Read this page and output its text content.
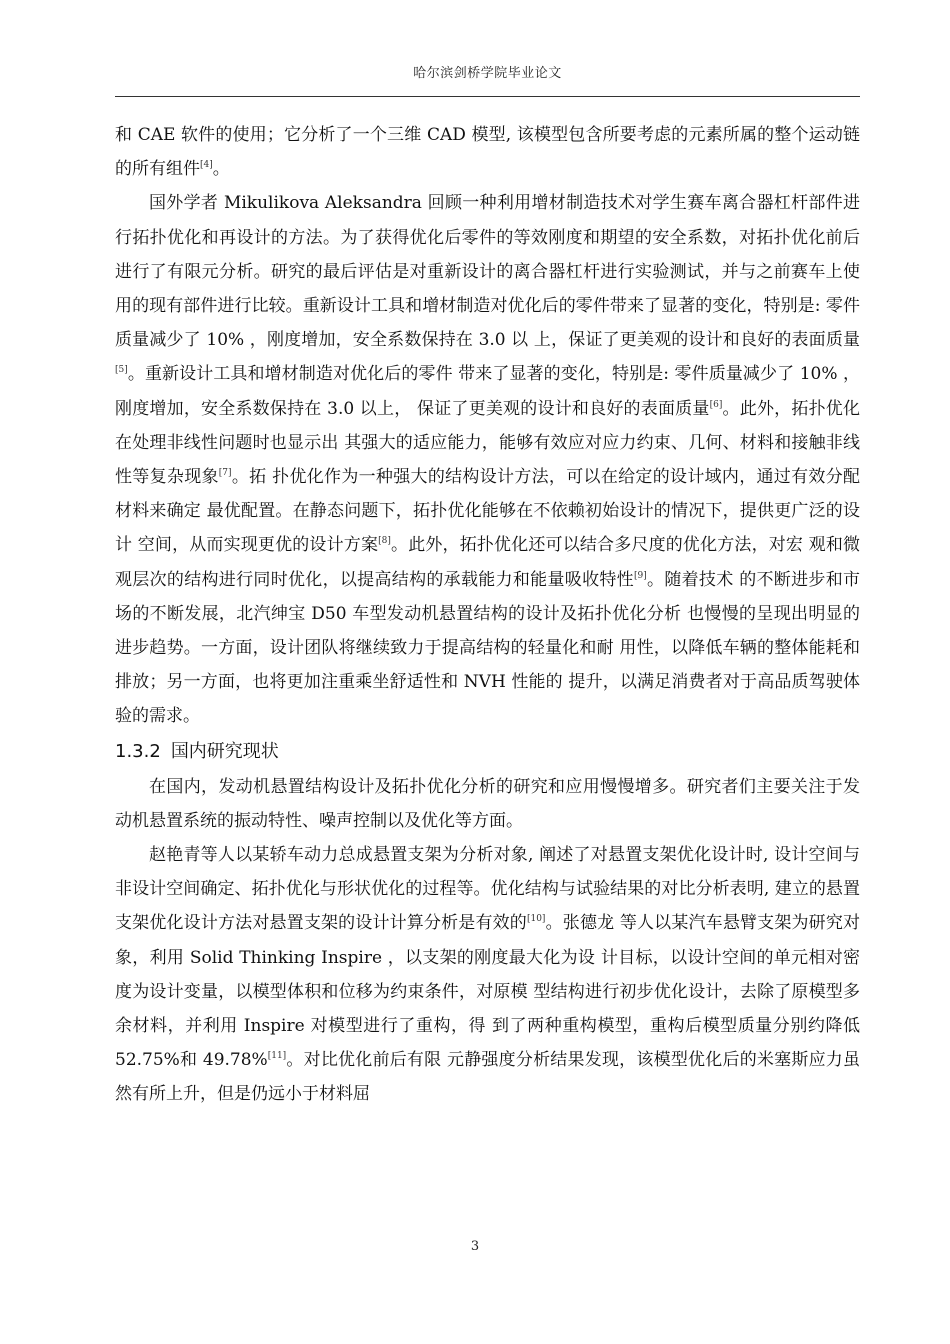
哈尔滨剑桥学院毕业论文

和 CAE 软件的使用；它分析了一个三维 CAD 模型, 该模型包含所要考虑的元素所属的整个运动链的所有组件[4]。

国外学者 Mikulikova Aleksandra 回顾一种利用增材制造技术对学生赛车离合器杠杆部件进行拓扑优化和再设计的方法。为了获得优化后零件的等效刚度和期望的安全系数，对拓扑优化前后进行了有限元分析。研究的最后评估是对重新设计的离合器杠杆进行实验测试，并与之前赛车上使用的现有部件进行比较。重新设计工具和增材制造对优化后的零件带来了显著的变化，特别是: 零件质量减少了 10% ，刚度增加，安全系数保持在 3.0 以 上，保证了更美观的设计和良好的表面质量[5]。重新设计工具和增材制造对优化后的零件 带来了显著的变化，特别是: 零件质量减少了 10% ，刚度增加，安全系数保持在 3.0 以上， 保证了更美观的设计和良好的表面质量[6]。此外，拓扑优化在处理非线性问题时也显示出 其强大的适应能力，能够有效应对应力约束、几何、材料和接触非线性等复杂现象[7]。拓 扑优化作为一种强大的结构设计方法，可以在给定的设计域内，通过有效分配材料来确定 最优配置。在静态问题下，拓扑优化能够在不依赖初始设计的情况下，提供更广泛的设计 空间，从而实现更优的设计方案[8]。此外，拓扑优化还可以结合多尺度的优化方法，对宏 观和微观层次的结构进行同时优化，以提高结构的承载能力和能量吸收特性[9]。随着技术 的不断进步和市场的不断发展，北汽绅宝 D50 车型发动机悬置结构的设计及拓扑优化分析 也慢慢的呈现出明显的进步趋势。一方面，设计团队将继续致力于提高结构的轻量化和耐 用性，以降低车辆的整体能耗和排放；另一方面，也将更加注重乘坐舒适性和 NVH 性能的 提升，以满足消费者对于高品质驾驶体验的需求。

1.3.2 国内研究现状

在国内，发动机悬置结构设计及拓扑优化分析的研究和应用慢慢增多。研究者们主要关注于发动机悬置系统的振动特性、噪声控制以及优化等方面。

赵艳青等人以某轿车动力总成悬置支架为分析对象, 阐述了对悬置支架优化设计时, 设计空间与非设计空间确定、拓扑优化与形状优化的过程等。优化结构与试验结果的对比分析表明, 建立的悬置支架优化设计方法对悬置支架的设计计算分析是有效的[10]。张德龙 等人以某汽车悬臂支架为研究对象，利用 Solid Thinking Inspire ，以支架的刚度最大化为设 计目标，以设计空间的单元相对密度为设计变量，以模型体积和位移为约束条件，对原模 型结构进行初步优化设计，去除了原模型多余材料，并利用 Inspire 对模型进行了重构，得 到了两种重构模型，重构后模型质量分别约降低 52.75%和 49.78%[11]。对比优化前后有限 元静强度分析结果发现，该模型优化后的米塞斯应力虽然有所上升，但是仍远小于材料屈

3
